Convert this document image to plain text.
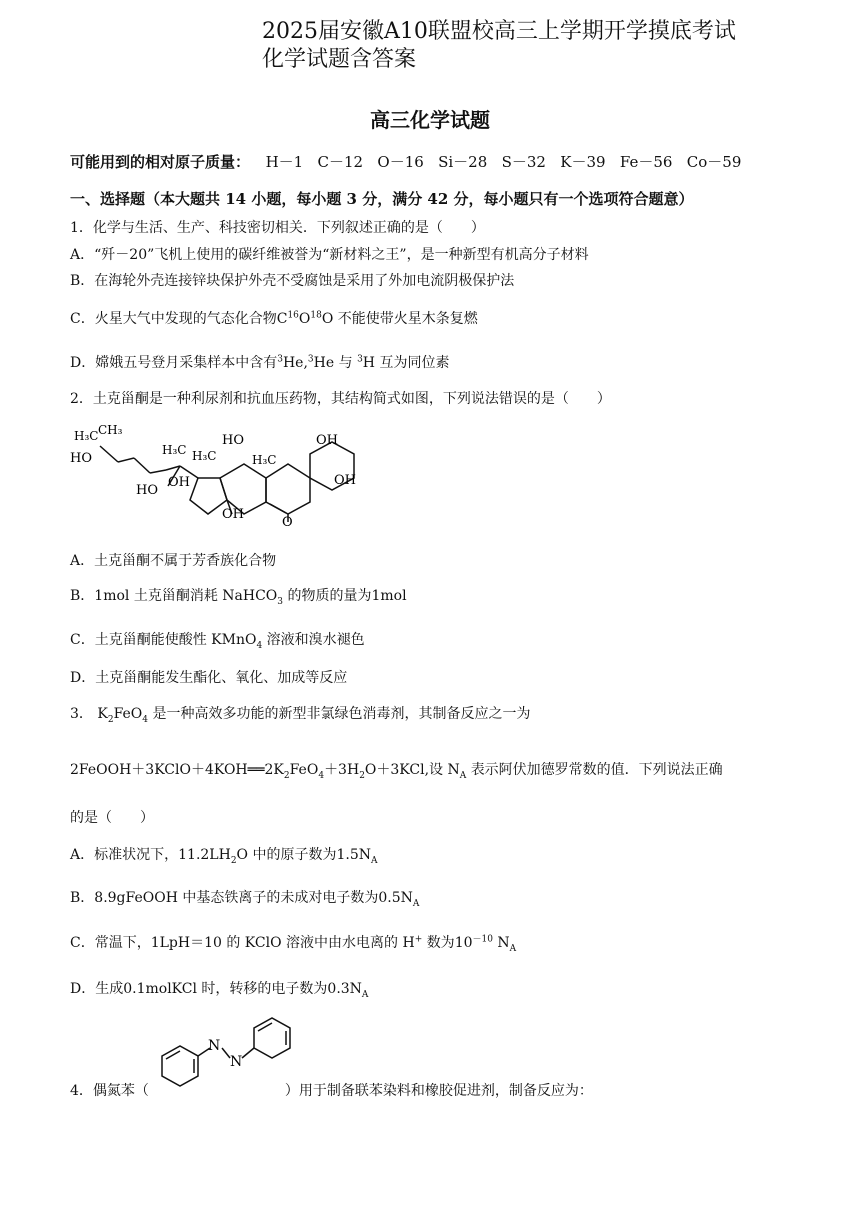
2025届安徽A10联盟校高三上学期开学摸底考试
化学试题含答案
高三化学试题
可能用到的相对原子质量： H－1 C－12 O－16 Si－28 S－32 K－39 Fe－56 Co－59
一、选择题（本大题共 14 小题，每小题 3 分，满分 42 分，每小题只有一个选项符合题意）
1．化学与生活、生产、科技密切相关．下列叙述正确的是（　　）
A．“歼－20”飞机上使用的碳纤维被誉为“新材料之王”，是一种新型有机高分子材料
B．在海轮外壳连接锌块保护外壳不受腐蚀是采用了外加电流阴极保护法
C．火星大气中发现的气态化合物$C^{16}O^{18}O$ 不能使带火星木条复燃
D．嫦娥五号登月采集样本中含有$^3$He,$^3$He 与 $^3$H 互为同位素
2．土克甾酮是一种利尿剂和抗血压药物，其结构简式如图，下列说法错误的是（　　）
H₃C CH₃
HO
H₃C
HO
OH
H₃C	H₃C
OH
HO	OH
OH
O
A．土克甾酮不属于芳香族化合物
B．1mol 土克甾酮消耗 NaHCO$_3$ 的物质的量为1mol
C．土克甾酮能使酸性 KMnO$_4$ 溶液和溴水褪色
D．土克甾酮能发生酯化、氧化、加成等反应
3． $K_2FeO_4$ 是一种高效多功能的新型非氯绿色消毒剂，其制备反应之一为
$2FeOOH+3KClO+4KOH══2K_2FeO_4+3H_2O+3KCl$,设 $N_A$ 表示阿伏加德罗常数的值．下列说法正确
的是（　　）
A．标准状况下，$11.2LH_2O$ 中的原子数为$1.5N_A$
B．8.9gFeOOH 中基态铁离子的未成对电子数为$0.5N_A$
C．常温下，1LpH＝10 的 KClO 溶液中由水电离的 H+ 数为$10^{-10}$ $N_A$
D．生成0.1molKCl 时，转移的电子数为$0.3N_A$
N
N
4．偶氮苯（	）用于制备联苯染料和橡胶促进剂，制备反应为：
